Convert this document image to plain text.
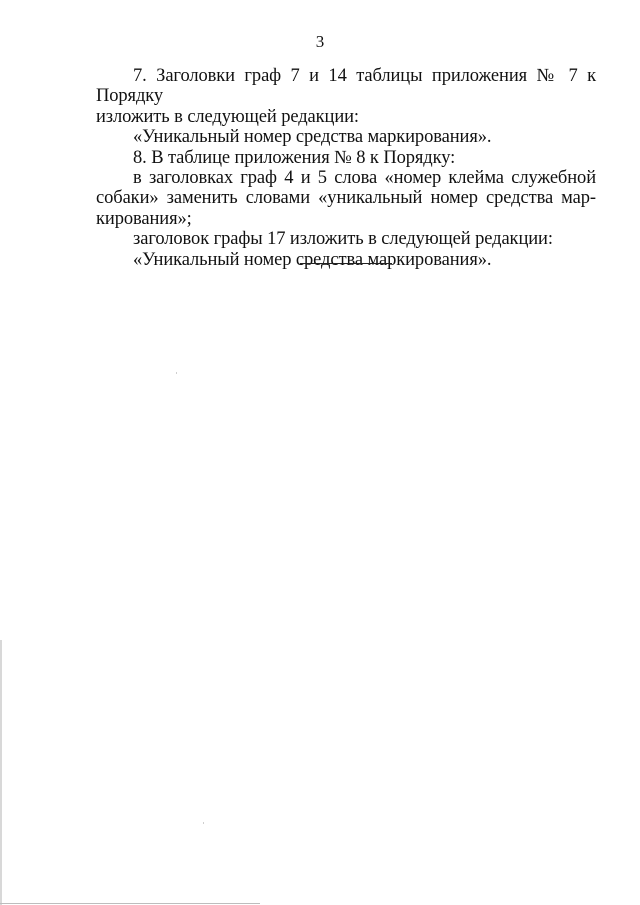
3
7. Заголовки граф 7 и 14 таблицы приложения № 7 к Порядку
изложить в следующей редакции:
«Уникальный номер средства маркирования».
8. В таблице приложения № 8 к Порядку:
в заголовках граф 4 и 5 слова «номер клейма служебной
собаки» заменить словами «уникальный номер средства мар-
кирования»;
заголовок графы 17 изложить в следующей редакции:
«Уникальный номер средства маркирования».
